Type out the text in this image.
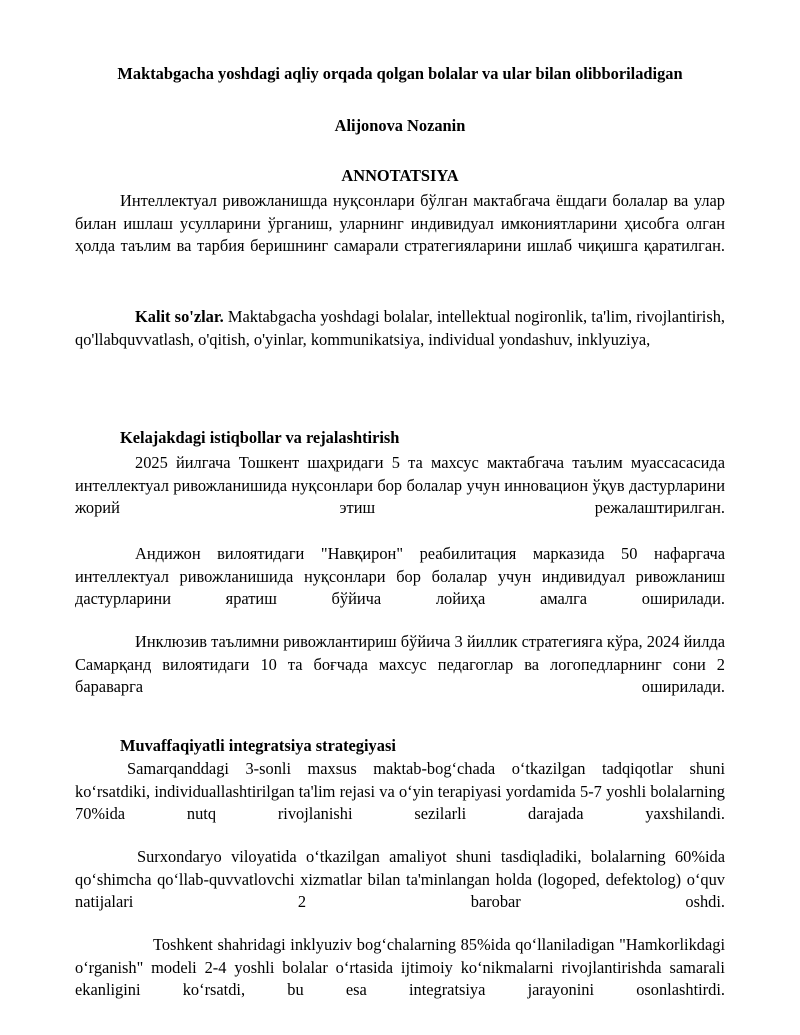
Maktabgacha yoshdagi aqliy orqada qolgan bolalar va ular bilan olibboriladigan
Alijonova Nozanin
ANNOTATSIYA

Интеллектуал ривожланишда нуқсонлари бўлган мактабгача ёшдаги болалар ва улар билан ишлаш усулларини ўрганиш, уларнинг индивидуал имкониятларини ҳисобга олган ҳолда таълим ва тарбия беришнинг самарали стратегияларини ишлаб чиқишга қаратилган.

Kalit so'zlar. Maktabgacha yoshdagi bolalar, intellektual nogironlik, ta'lim, rivojlantirish, qo'llabquvvatlash, o'qitish, o'yinlar, kommunikatsiya, individual yondashuv, inklyuziya,

Kelajakdagi istiqbollar va rejalashtirish

2025 йилгача Тошкент шаҳридаги 5 та махсус мактабгача таълим муассасасида интеллектуал ривожланишида нуқсонлари бор болалар учун инновацион ўқув дастурларини жорий этиш режалаштирилган.

Андижон вилоятидаги "Навқирон" реабилитация марказида 50 нафаргача интеллектуал ривожланишида нуқсонлари бор болалар учун индивидуал ривожланиш дастурларини яратиш бўйича лойиҳа амалга оширилади.

Инклюзив таълимни ривожлантириш бўйича 3 йиллик стратегияга кўра, 2024 йилда Самарқанд вилоятидаги 10 та боғчада махсус педагоглар ва логопедларнинг сони 2 бараварга оширилади.

Muvaffaqiyatli integratsiya strategiyasi

Samarqanddagi 3-sonli maxsus maktab-bog‘chada o‘tkazilgan tadqiqotlar shuni ko‘rsatdiki, individuallashtirilgan ta'lim rejasi va o‘yin terapiyasi yordamida 5-7 yoshli bolalarning 70%ida nutq rivojlanishi sezilarli darajada yaxshilandi.

Surxondaryo viloyatida o‘tkazilgan amaliyot shuni tasdiqladiki, bolalarning 60%ida qo‘shimcha qo‘llab-quvvatlovchi xizmatlar bilan ta'minlangan holda (logoped, defektolog) o‘quv natijalari 2 barobar oshdi.

Toshkent shahridagi inklyuziv bog‘chalarning 85%ida qo‘llaniladigan "Hamkorlikdagi o‘rganish" modeli 2-4 yoshli bolalar o‘rtasida ijtimoiy ko‘nikmalarni rivojlantirishda samarali ekanligini ko‘rsatdi, bu esa integratsiya jarayonini osonlashtirdi.
